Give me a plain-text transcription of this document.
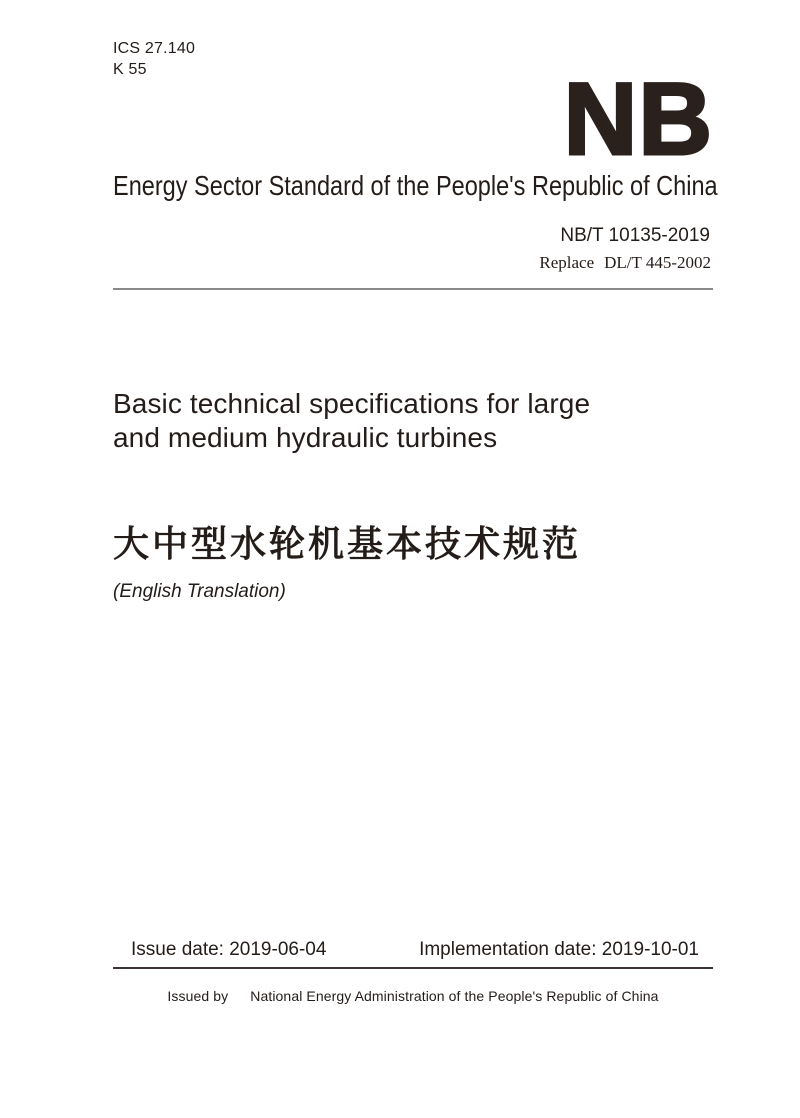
ICS 27.140
K 55	NB
Energy Sector Standard of the People's Republic of China
NB/T 10135-2019
Replace DL/T 445-2002
Basic technical specifications for large
and medium hydraulic turbines
大中型水轮机基本技术规范
(English Translation)
Issue date: 2019-06-04	Implementation date: 2019-10-01
Issued by National Energy Administration of the People's Republic of China
